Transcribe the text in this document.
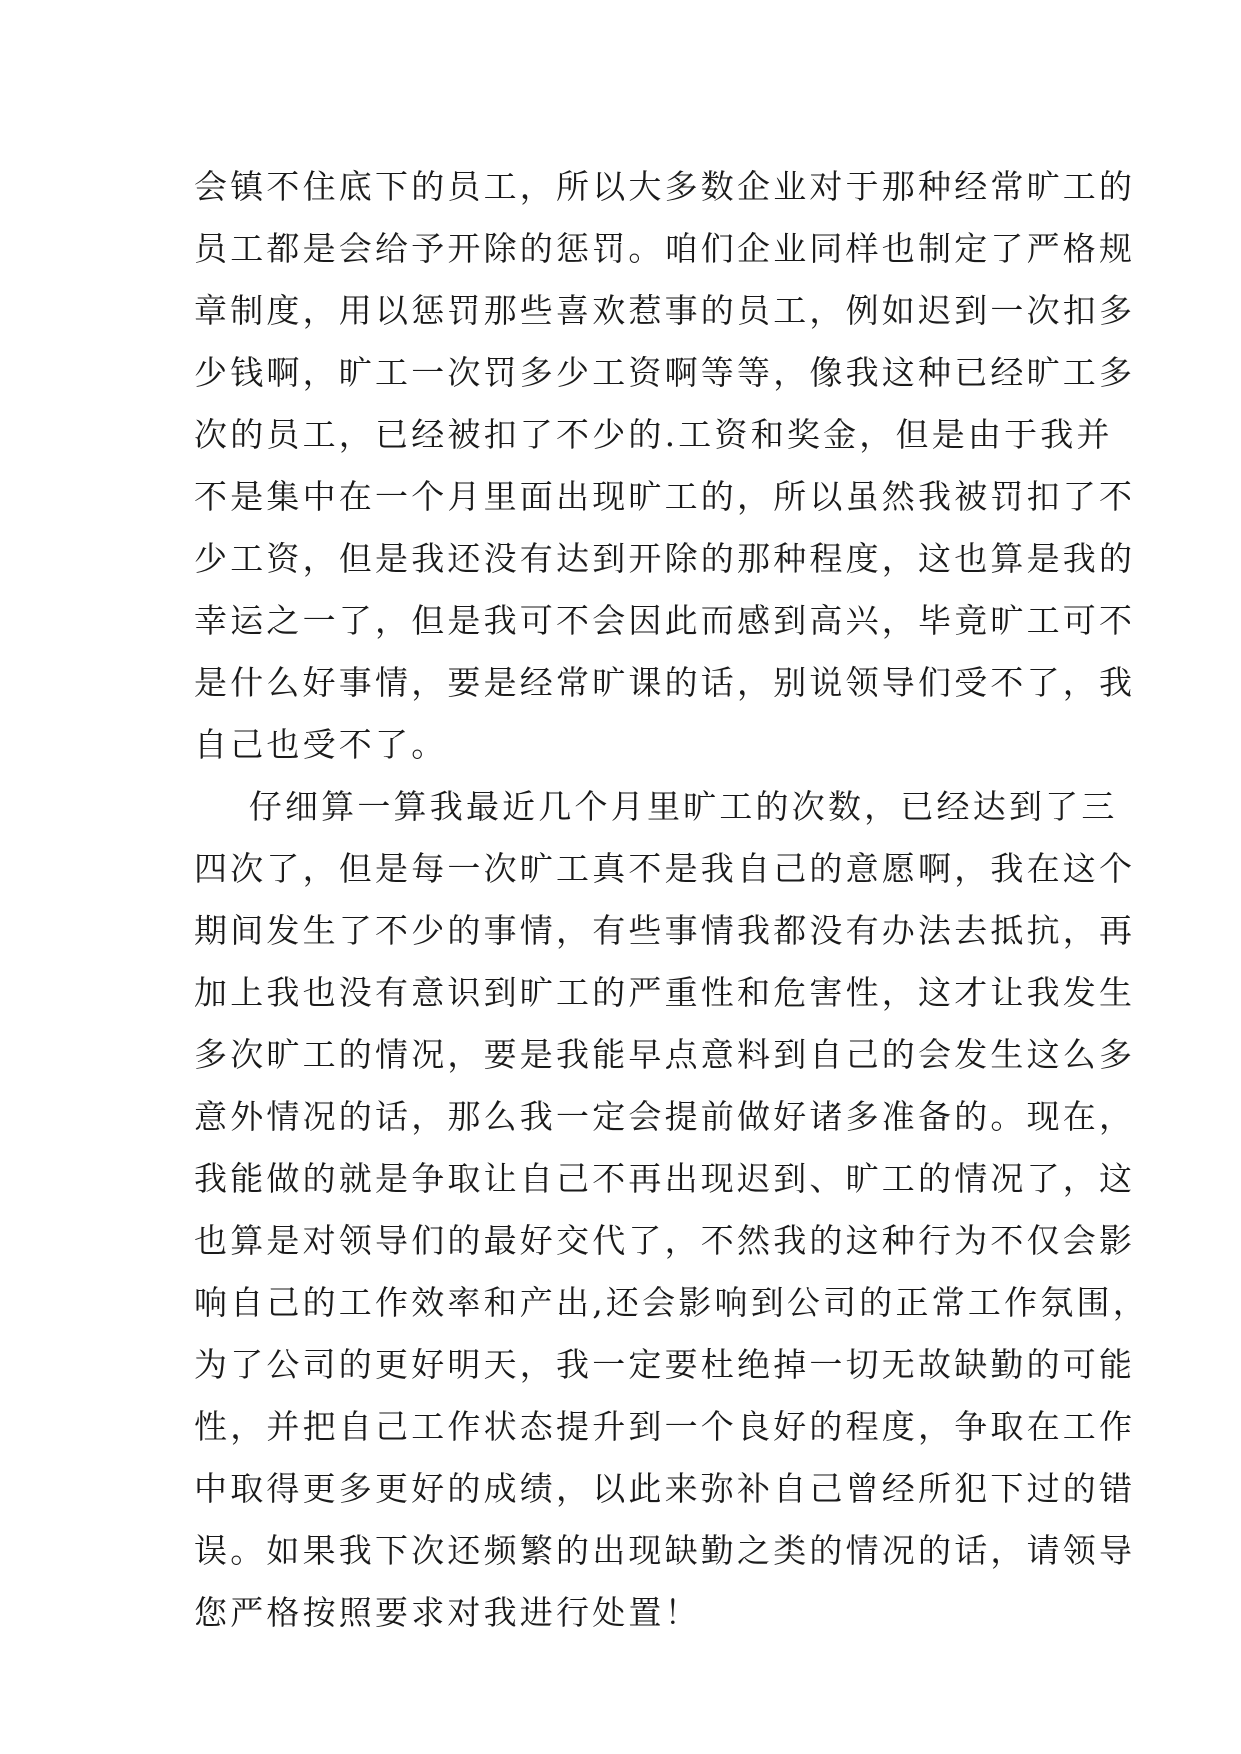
会镇不住底下的员工，所以大多数企业对于那种经常旷工的
员工都是会给予开除的惩罚。咱们企业同样也制定了严格规
章制度，用以惩罚那些喜欢惹事的员工，例如迟到一次扣多
少钱啊，旷工一次罚多少工资啊等等，像我这种已经旷工多
次的员工，已经被扣了不少的.工资和奖金，但是由于我并
不是集中在一个月里面出现旷工的，所以虽然我被罚扣了不
少工资，但是我还没有达到开除的那种程度，这也算是我的
幸运之一了，但是我可不会因此而感到高兴，毕竟旷工可不
是什么好事情，要是经常旷课的话，别说领导们受不了，我
自己也受不了。
仔细算一算我最近几个月里旷工的次数，已经达到了三
四次了，但是每一次旷工真不是我自己的意愿啊，我在这个
期间发生了不少的事情，有些事情我都没有办法去抵抗，再
加上我也没有意识到旷工的严重性和危害性，这才让我发生
多次旷工的情况，要是我能早点意料到自己的会发生这么多
意外情况的话，那么我一定会提前做好诸多准备的。现在，
我能做的就是争取让自己不再出现迟到、旷工的情况了，这
也算是对领导们的最好交代了，不然我的这种行为不仅会影
响自己的工作效率和产出,还会影响到公司的正常工作氛围，
为了公司的更好明天，我一定要杜绝掉一切无故缺勤的可能
性，并把自己工作状态提升到一个良好的程度，争取在工作
中取得更多更好的成绩，以此来弥补自己曾经所犯下过的错
误。如果我下次还频繁的出现缺勤之类的情况的话，请领导
您严格按照要求对我进行处置！
